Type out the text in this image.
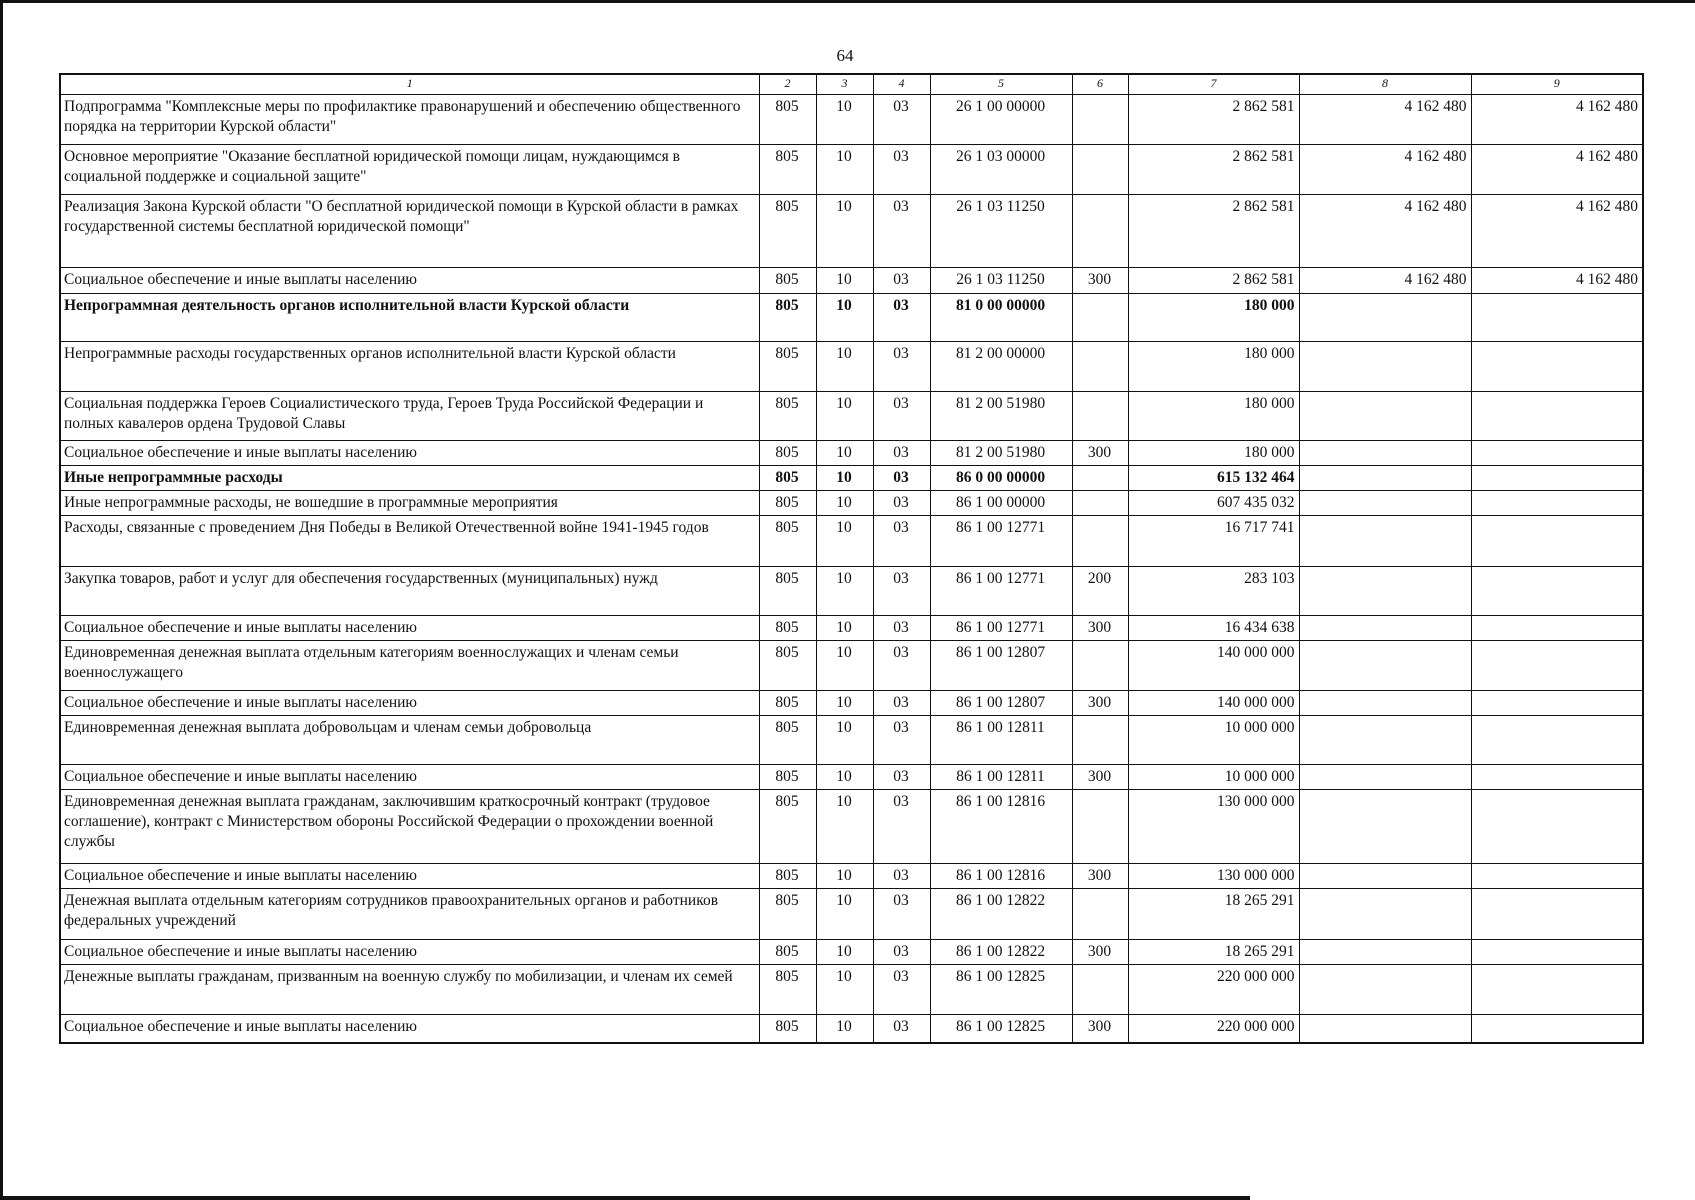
64
1	2	3	4	5	6	7	8	9
Подпрограмма "Комплексные меры по профилактике правонарушений и обеспечению общественного порядка на территории Курской области"	805	10	03	26 1 00 00000		2 862 581	4 162 480	4 162 480
Основное мероприятие "Оказание бесплатной юридической помощи лицам, нуждающимся в социальной поддержке и социальной защите"	805	10	03	26 1 03 00000		2 862 581	4 162 480	4 162 480
Реализация Закона Курской области "О бесплатной юридической помощи в Курской области в рамках государственной системы бесплатной юридической помощи"	805	10	03	26 1 03 11250		2 862 581	4 162 480	4 162 480
Социальное обеспечение и иные выплаты населению	805	10	03	26 1 03 11250	300	2 862 581	4 162 480	4 162 480
Непрограммная деятельность органов исполнительной власти Курской области	805	10	03	81 0 00 00000		180 000		
Непрограммные расходы государственных органов исполнительной власти Курской области	805	10	03	81 2 00 00000		180 000		
Социальная поддержка Героев Социалистического труда, Героев Труда Российской Федерации и полных кавалеров ордена Трудовой Славы	805	10	03	81 2 00 51980		180 000		
Социальное обеспечение и иные выплаты населению	805	10	03	81 2 00 51980	300	180 000		
Иные непрограммные расходы	805	10	03	86 0 00 00000		615 132 464		
Иные непрограммные расходы, не вошедшие в программные мероприятия	805	10	03	86 1 00 00000		607 435 032		
Расходы, связанные с проведением Дня Победы в Великой Отечественной войне 1941-1945 годов	805	10	03	86 1 00 12771		16 717 741		
Закупка товаров, работ и услуг для обеспечения государственных (муниципальных) нужд	805	10	03	86 1 00 12771	200	283 103		
Социальное обеспечение и иные выплаты населению	805	10	03	86 1 00 12771	300	16 434 638		
Единовременная денежная выплата отдельным категориям военнослужащих и членам семьи военнослужащего	805	10	03	86 1 00 12807		140 000 000		
Социальное обеспечение и иные выплаты населению	805	10	03	86 1 00 12807	300	140 000 000		
Единовременная денежная выплата добровольцам и членам семьи добровольца	805	10	03	86 1 00 12811		10 000 000		
Социальное обеспечение и иные выплаты населению	805	10	03	86 1 00 12811	300	10 000 000		
Единовременная денежная выплата гражданам, заключившим краткосрочный контракт (трудовое соглашение), контракт с Министерством обороны Российской Федерации о прохождении военной службы	805	10	03	86 1 00 12816		130 000 000		
Социальное обеспечение и иные выплаты населению	805	10	03	86 1 00 12816	300	130 000 000		
Денежная выплата отдельным категориям сотрудников правоохранительных органов и работников федеральных учреждений	805	10	03	86 1 00 12822		18 265 291		
Социальное обеспечение и иные выплаты населению	805	10	03	86 1 00 12822	300	18 265 291		
Денежные выплаты гражданам, призванным на военную службу по мобилизации, и членам их семей	805	10	03	86 1 00 12825		220 000 000		
Социальное обеспечение и иные выплаты населению	805	10	03	86 1 00 12825	300	220 000 000		
